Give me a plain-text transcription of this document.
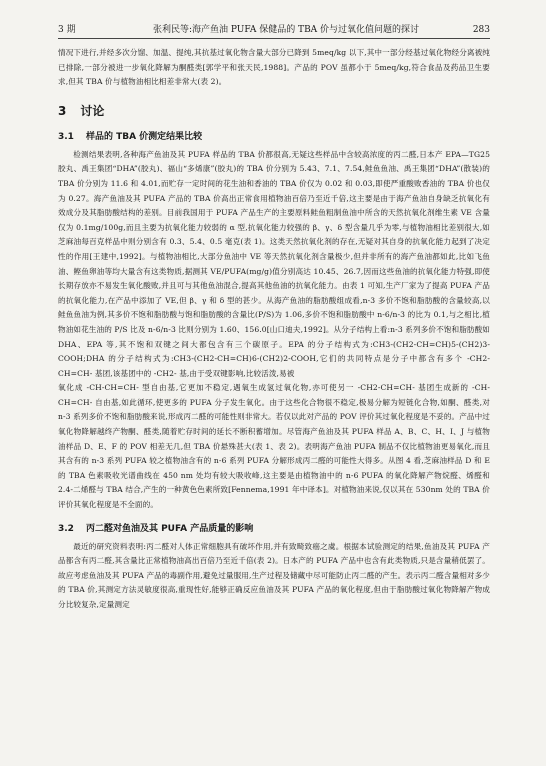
3 期	张利民等:海产鱼油 PUFA 保健品的 TBA 价与过氧化值问题的探讨	283

情况下进行,并经多次分馏、加温、提纯,其抗基过氧化物含量大部分已降到 5meq/kg 以下,其中一部分经基过氧化物经分离被纯已排除,一部分被进一步氧化降解为酮醛类[郭学平和张天民,1988]。产品的 POV 虽都小于 5meq/kg,符合食品及药品卫生要求,但其 TBA 价与植物油相比相差非常大(表 2)。

3 讨论
3.1 样品的 TBA 价测定结果比较

检测结果表明,各种海产鱼油及其 PUFA 样品的 TBA 价都很高,无疑这些样品中含较高浓度的丙二醛,日本产 EPA—TG25 胶丸、禹王集团“DHA”(胶丸)、福山“多烯康”(胶丸)的 TBA 价分别为 5.43、7.1、7.54,鲑鱼鱼油、禹王集团“DHA”(散装)的 TBA 价分别为 11.6 和 4.01,而贮存一定时间的花生油和香油的 TBA 价仅为 0.02 和 0.03,即使严重酸败香油的 TBA 价也仅为 0.27。海产鱼油及其 PUFA 产品的 TBA 价高出正常食用植物油百倍乃至近千倍,这主要是由于海产鱼油自身缺乏抗氧化有效成分及其脂肪酸结构的差别。目前我国用于 PUFA 产品生产的主要原料鲑鱼粗制鱼油中所含的天然抗氧化剂维生素 VE 含量仅为 0.1mg/100g,而且主要为抗氧化能力较弱的 α 型,抗氧化能力较强的 β、γ、δ 型含量几乎为零,与植物油相比差别很大,如芝麻油每百克样品中则分别含有 0.3、5.4、0.5 毫克(表 1)。这类天然抗氧化剂的存在,无疑对其自身的抗氧化能力起到了决定性的作用[王建中,1992]。与植物油相比,大部分鱼油中 VE 等天然抗氧化剂含量极少,但并非所有的海产鱼油都如此,比如飞鱼油、鲣鱼卵油等均大量含有这类物质,据测其 VE/PUFA(mg/g)值分别高达 10.45、26.7,因而这些鱼油的抗氧化能力特强,即使长期存放亦不易发生氧化酸败,并且可与其他鱼油混合,提高其他鱼油的抗氧化能力。由表 1 可知,生产厂家为了提高 PUFA 产品的抗氧化能力,在产品中添加了 VE,但 β、γ 和 δ 型的甚少。从海产鱼油的脂肪酸组成看,n-3 多价不饱和脂肪酸的含量较高,以鲑鱼鱼油为例,其多价不饱和脂肪酸与饱和脂肪酸的含量比(P/S)为 1.06,多价不饱和脂肪酸中 n-6/n-3 的比为 0.1,与之相比,植物油如花生油的 P/S 比及 n-6/n-3 比则分别为 1.60、156.0[山口迪夫,1992]。从分子结构上看:n-3 系列多价不饱和脂肪酸如 DHA、EPA 等,其不饱和双键之间大都包含有三个碳原子。EPA 的分子结构式为:CH3-(CH2-CH=CH)5-(CH2)3-COOH;DHA 的分子结构式为:CH3-(CH2-CH=CH)6-(CH2)2-COOH,它们的共同特点是分子中都含有多个 -CH2-CH=CH- 基团,该基团中的 -CH2- 基,由于受双键影响,比较活泼,易被

氧化成 -CH-CH=CH- 型自由基,它更加不稳定,遇氧生成氢过氧化物,亦可使另一 -CH2-CH=CH- 基团生成新的 -CH-CH=CH- 自由基,如此循环,使更多的 PUFA 分子发生氧化。由于这些化合物很不稳定,极易分解为短链化合物,如酮、醛类,对 n-3 系列多价不饱和脂肪酸来说,形成丙二醛的可能性则非常大。若仅以此对产品的 POV 评价其过氧化程度是不妥的。产品中过氧化物降解越终产物酮、醛类,随着贮存时间的延长不断积蓄增加。尽管海产鱼油及其 PUFA 样品 A、B、C、H、I、J 与植物油样品 D、E、F 的 POV 相差无几,但 TBA 价悬殊甚大(表 1、表 2)。表明海产鱼油 PUFA 制品不仅比植物油更易氧化,而且其含有的 n-3 系列 PUFA 较之植物油含有的 n-6 系列 PUFA 分解形成丙二醛的可能性大得多。从图 4 看,芝麻油样品 D 和 E 的 TBA 色素吸收光谱曲线在 450 nm 处均有较大吸收峰,这主要是由植物油中的 n-6 PUFA 的氧化降解产物烷醛、烯醛和 2.4-二烯醛与 TBA 结合,产生的一种黄色色素所致[Fennema,1991 年中译本]。对植物油来说,仅以其在 530nm 处的 TBA 价评价其氧化程度是不全面的。

3.2 丙二醛对鱼油及其 PUFA 产品质量的影响

最近的研究资料表明:丙二醛对人体正常细胞具有破坏作用,并有致畸致癌之虞。根据本试验测定的结果,鱼油及其 PUFA 产品都含有丙二醛,其含量比正常植物油高出百倍乃至近千倍(表 2)。日本产的 PUFA 产品中也含有此类物质,只是含量稍低罢了。故应考虑鱼油及其 PUFA 产品的毒副作用,避免过量服用,生产过程及储藏中尽可能防止丙二醛的产生。表示丙二醛含量相对多少的 TBA 价,其测定方法灵敏度很高,重现性好,能够正确反应鱼油及其 PUFA 产品的氧化程度,但由于脂肪酸过氧化物降解产物成分比较复杂,定量测定
